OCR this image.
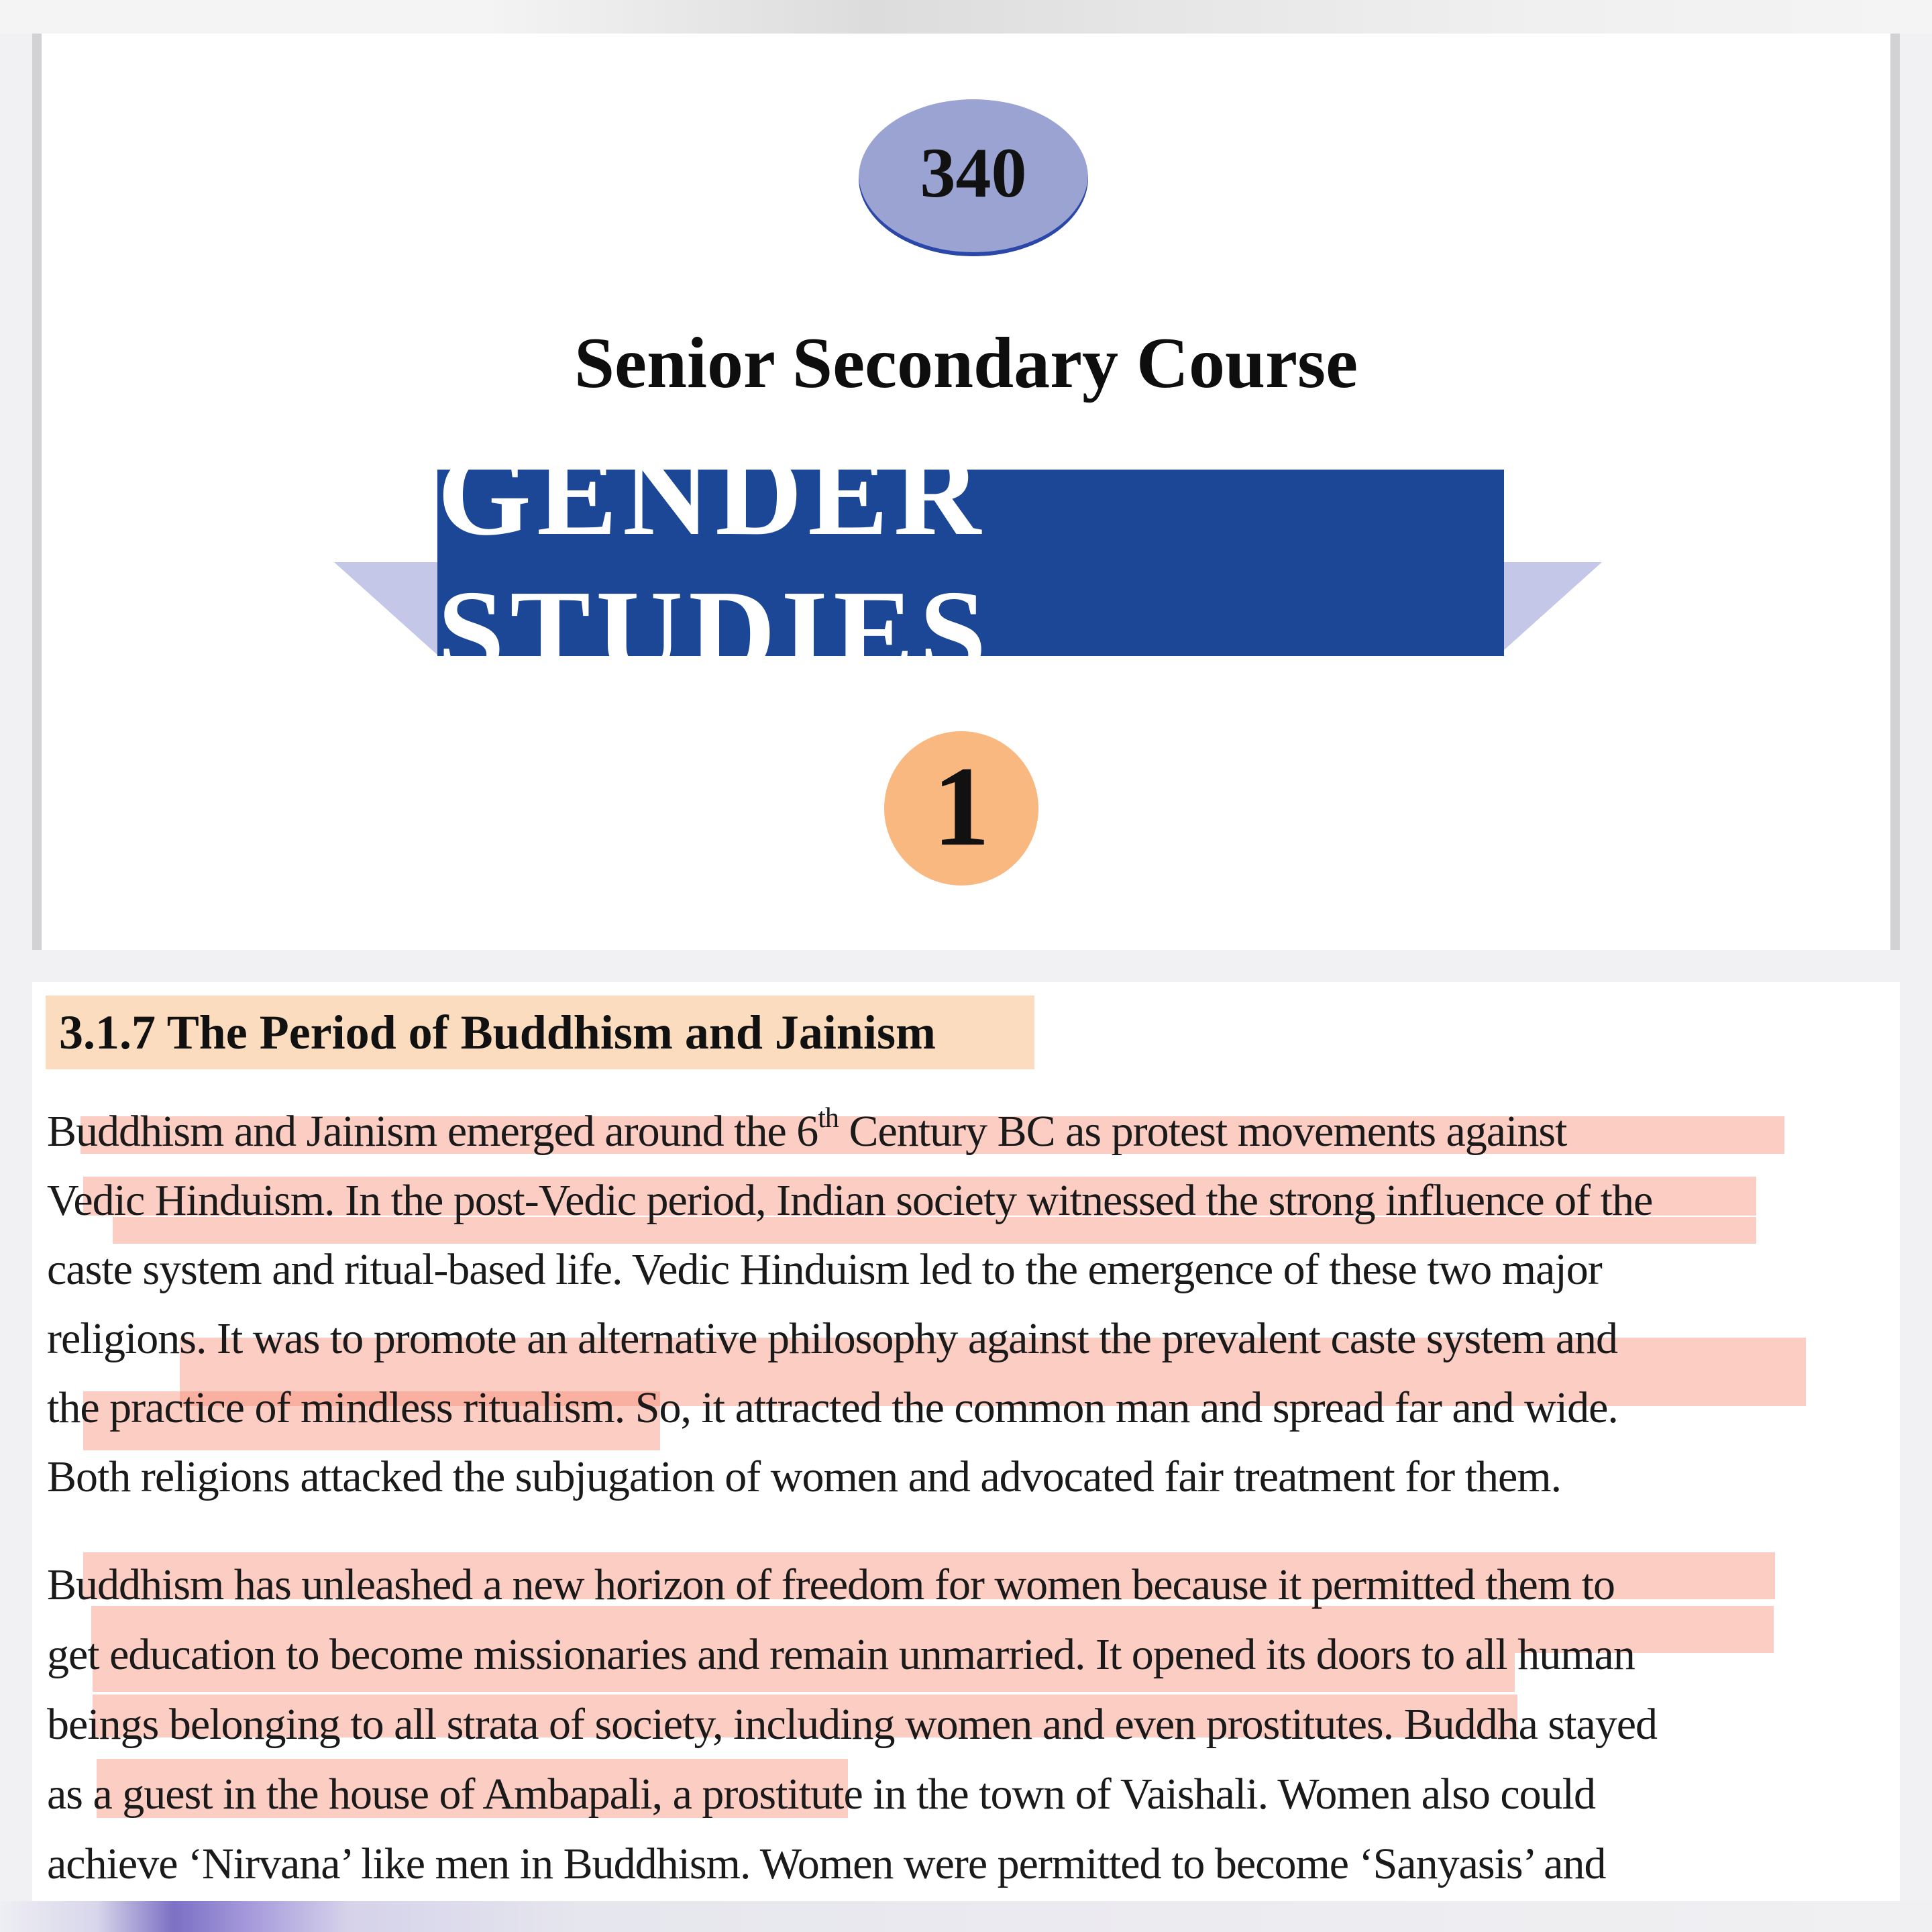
340
Senior Secondary Course
GENDER STUDIES
1
3.1.7 The Period of Buddhism and Jainism
Buddhism and Jainism emerged around the 6th Century BC as protest movements against
Vedic Hinduism. In the post-Vedic period, Indian society witnessed the strong influence of the
caste system and ritual-based life. Vedic Hinduism led to the emergence of these two major
religions. It was to promote an alternative philosophy against the prevalent caste system and
the practice of mindless ritualism. So, it attracted the common man and spread far and wide.
Both religions attacked the subjugation of women and advocated fair treatment for them.
Buddhism has unleashed a new horizon of freedom for women because it permitted them to
get education to become missionaries and remain unmarried. It opened its doors to all human
beings belonging to all strata of society, including women and even prostitutes. Buddha stayed
as a guest in the house of Ambapali, a prostitute in the town of Vaishali. Women also could
achieve ‘Nirvana’ like men in Buddhism. Women were permitted to become ‘Sanyasis’ and
